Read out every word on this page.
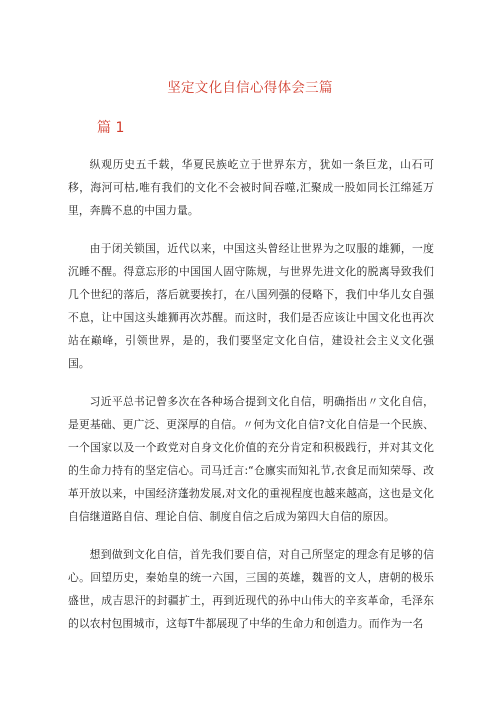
坚定文化自信心得体会三篇
篇 1

纵观历史五千载，华夏民族屹立于世界东方，犹如一条巨龙，山石可移，海河可枯,唯有我们的文化不会被时间吞噬,汇聚成一股如同长江绵延万里，奔腾不息的中国力量。

由于闭关锁国，近代以来，中国这头曾经让世界为之叹服的雄狮，一度沉睡不醒。得意忘形的中国国人固守陈规，与世界先进文化的脱离导致我们几个世纪的落后，落后就要挨打，在八国列强的侵略下，我们中华儿女自强不息，让中国这头雄狮再次苏醒。而这时，我们是否应该让中国文化也再次站在巅峰，引领世界，是的，我们要坚定文化自信，建设社会主义文化强国。

习近平总书记曾多次在各种场合提到文化自信，明确指出〃文化自信，是更基础、更广泛、更深厚的自信。〃何为文化自信?文化自信是一个民族、一个国家以及一个政党对自身文化价值的充分肯定和积极践行，并对其文化的生命力持有的坚定信心。司马迁言:“仓廪实而知礼节,衣食足而知荣辱、改革开放以来，中国经济蓬勃发展,对文化的重视程度也越来越高，这也是文化自信继道路自信、理论自信、制度自信之后成为第四大自信的原因。

想到做到文化自信，首先我们要自信，对自己所坚定的理念有足够的信心。回望历史，秦始皇的统一六国，三国的英雄，魏晋的文人，唐朝的极乐盛世，成吉思汗的封疆扩土，再到近现代的孙中山伟大的辛亥革命，毛泽东的以农村包围城市，这每T牛都展现了中华的生命力和创造力。而作为一名
